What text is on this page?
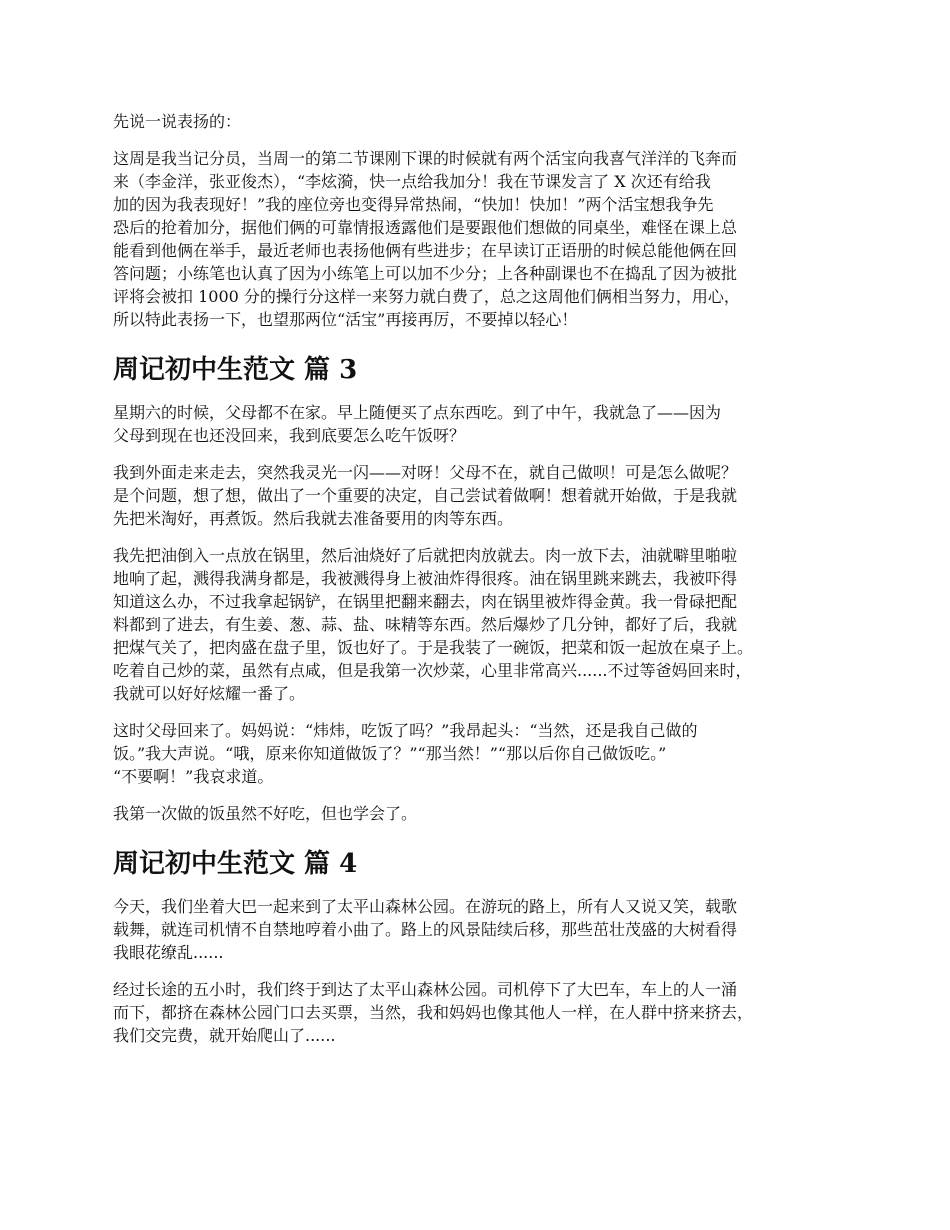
先说一说表扬的：

这周是我当记分员，当周一的第二节课刚下课的时候就有两个活宝向我喜气洋洋的飞奔而
来（李金洋，张亚俊杰），“李炫漪，快一点给我加分！我在节课发言了 X 次还有给我
加的因为我表现好！”我的座位旁也变得异常热闹，“快加！快加！”两个活宝想我争先
恐后的抢着加分，据他们俩的可靠情报透露他们是要跟他们想做的同桌坐，难怪在课上总
能看到他俩在举手，最近老师也表扬他俩有些进步；在早读订正语册的时候总能他俩在回
答问题；小练笔也认真了因为小练笔上可以加不少分；上各种副课也不在捣乱了因为被批
评将会被扣 1000 分的操行分这样一来努力就白费了，总之这周他们俩相当努力，用心，
所以特此表扬一下，也望那两位“活宝”再接再厉，不要掉以轻心！

周记初中生范文 篇 3

星期六的时候，父母都不在家。早上随便买了点东西吃。到了中午，我就急了——因为
父母到现在也还没回来，我到底要怎么吃午饭呀？

我到外面走来走去，突然我灵光一闪——对呀！父母不在，就自己做呗！可是怎么做呢？
是个问题，想了想，做出了一个重要的决定，自己尝试着做啊！想着就开始做，于是我就
先把米淘好，再煮饭。然后我就去准备要用的肉等东西。

我先把油倒入一点放在锅里，然后油烧好了后就把肉放就去。肉一放下去，油就噼里啪啦
地响了起，溅得我满身都是，我被溅得身上被油炸得很疼。油在锅里跳来跳去，我被吓得
知道这么办，不过我拿起锅铲，在锅里把翻来翻去，肉在锅里被炸得金黄。我一骨碌把配
料都到了进去，有生姜、葱、蒜、盐、味精等东西。然后爆炒了几分钟，都好了后，我就
把煤气关了，把肉盛在盘子里，饭也好了。于是我装了一碗饭，把菜和饭一起放在桌子上。
吃着自己炒的菜，虽然有点咸，但是我第一次炒菜，心里非常高兴......不过等爸妈回来时，
我就可以好好炫耀一番了。

这时父母回来了。妈妈说：“炜炜，吃饭了吗？”我昂起头：“当然，还是我自己做的
饭。”我大声说。“哦，原来你知道做饭了？”“那当然！”“那以后你自己做饭吃。”
“不要啊！”我哀求道。

我第一次做的饭虽然不好吃，但也学会了。

周记初中生范文 篇 4

今天，我们坐着大巴一起来到了太平山森林公园。在游玩的路上，所有人又说又笑，载歌
载舞，就连司机情不自禁地哼着小曲了。路上的风景陆续后移，那些茁壮茂盛的大树看得
我眼花缭乱......

经过长途的五小时，我们终于到达了太平山森林公园。司机停下了大巴车，车上的人一涌
而下，都挤在森林公园门口去买票，当然，我和妈妈也像其他人一样，在人群中挤来挤去，
我们交完费，就开始爬山了......
